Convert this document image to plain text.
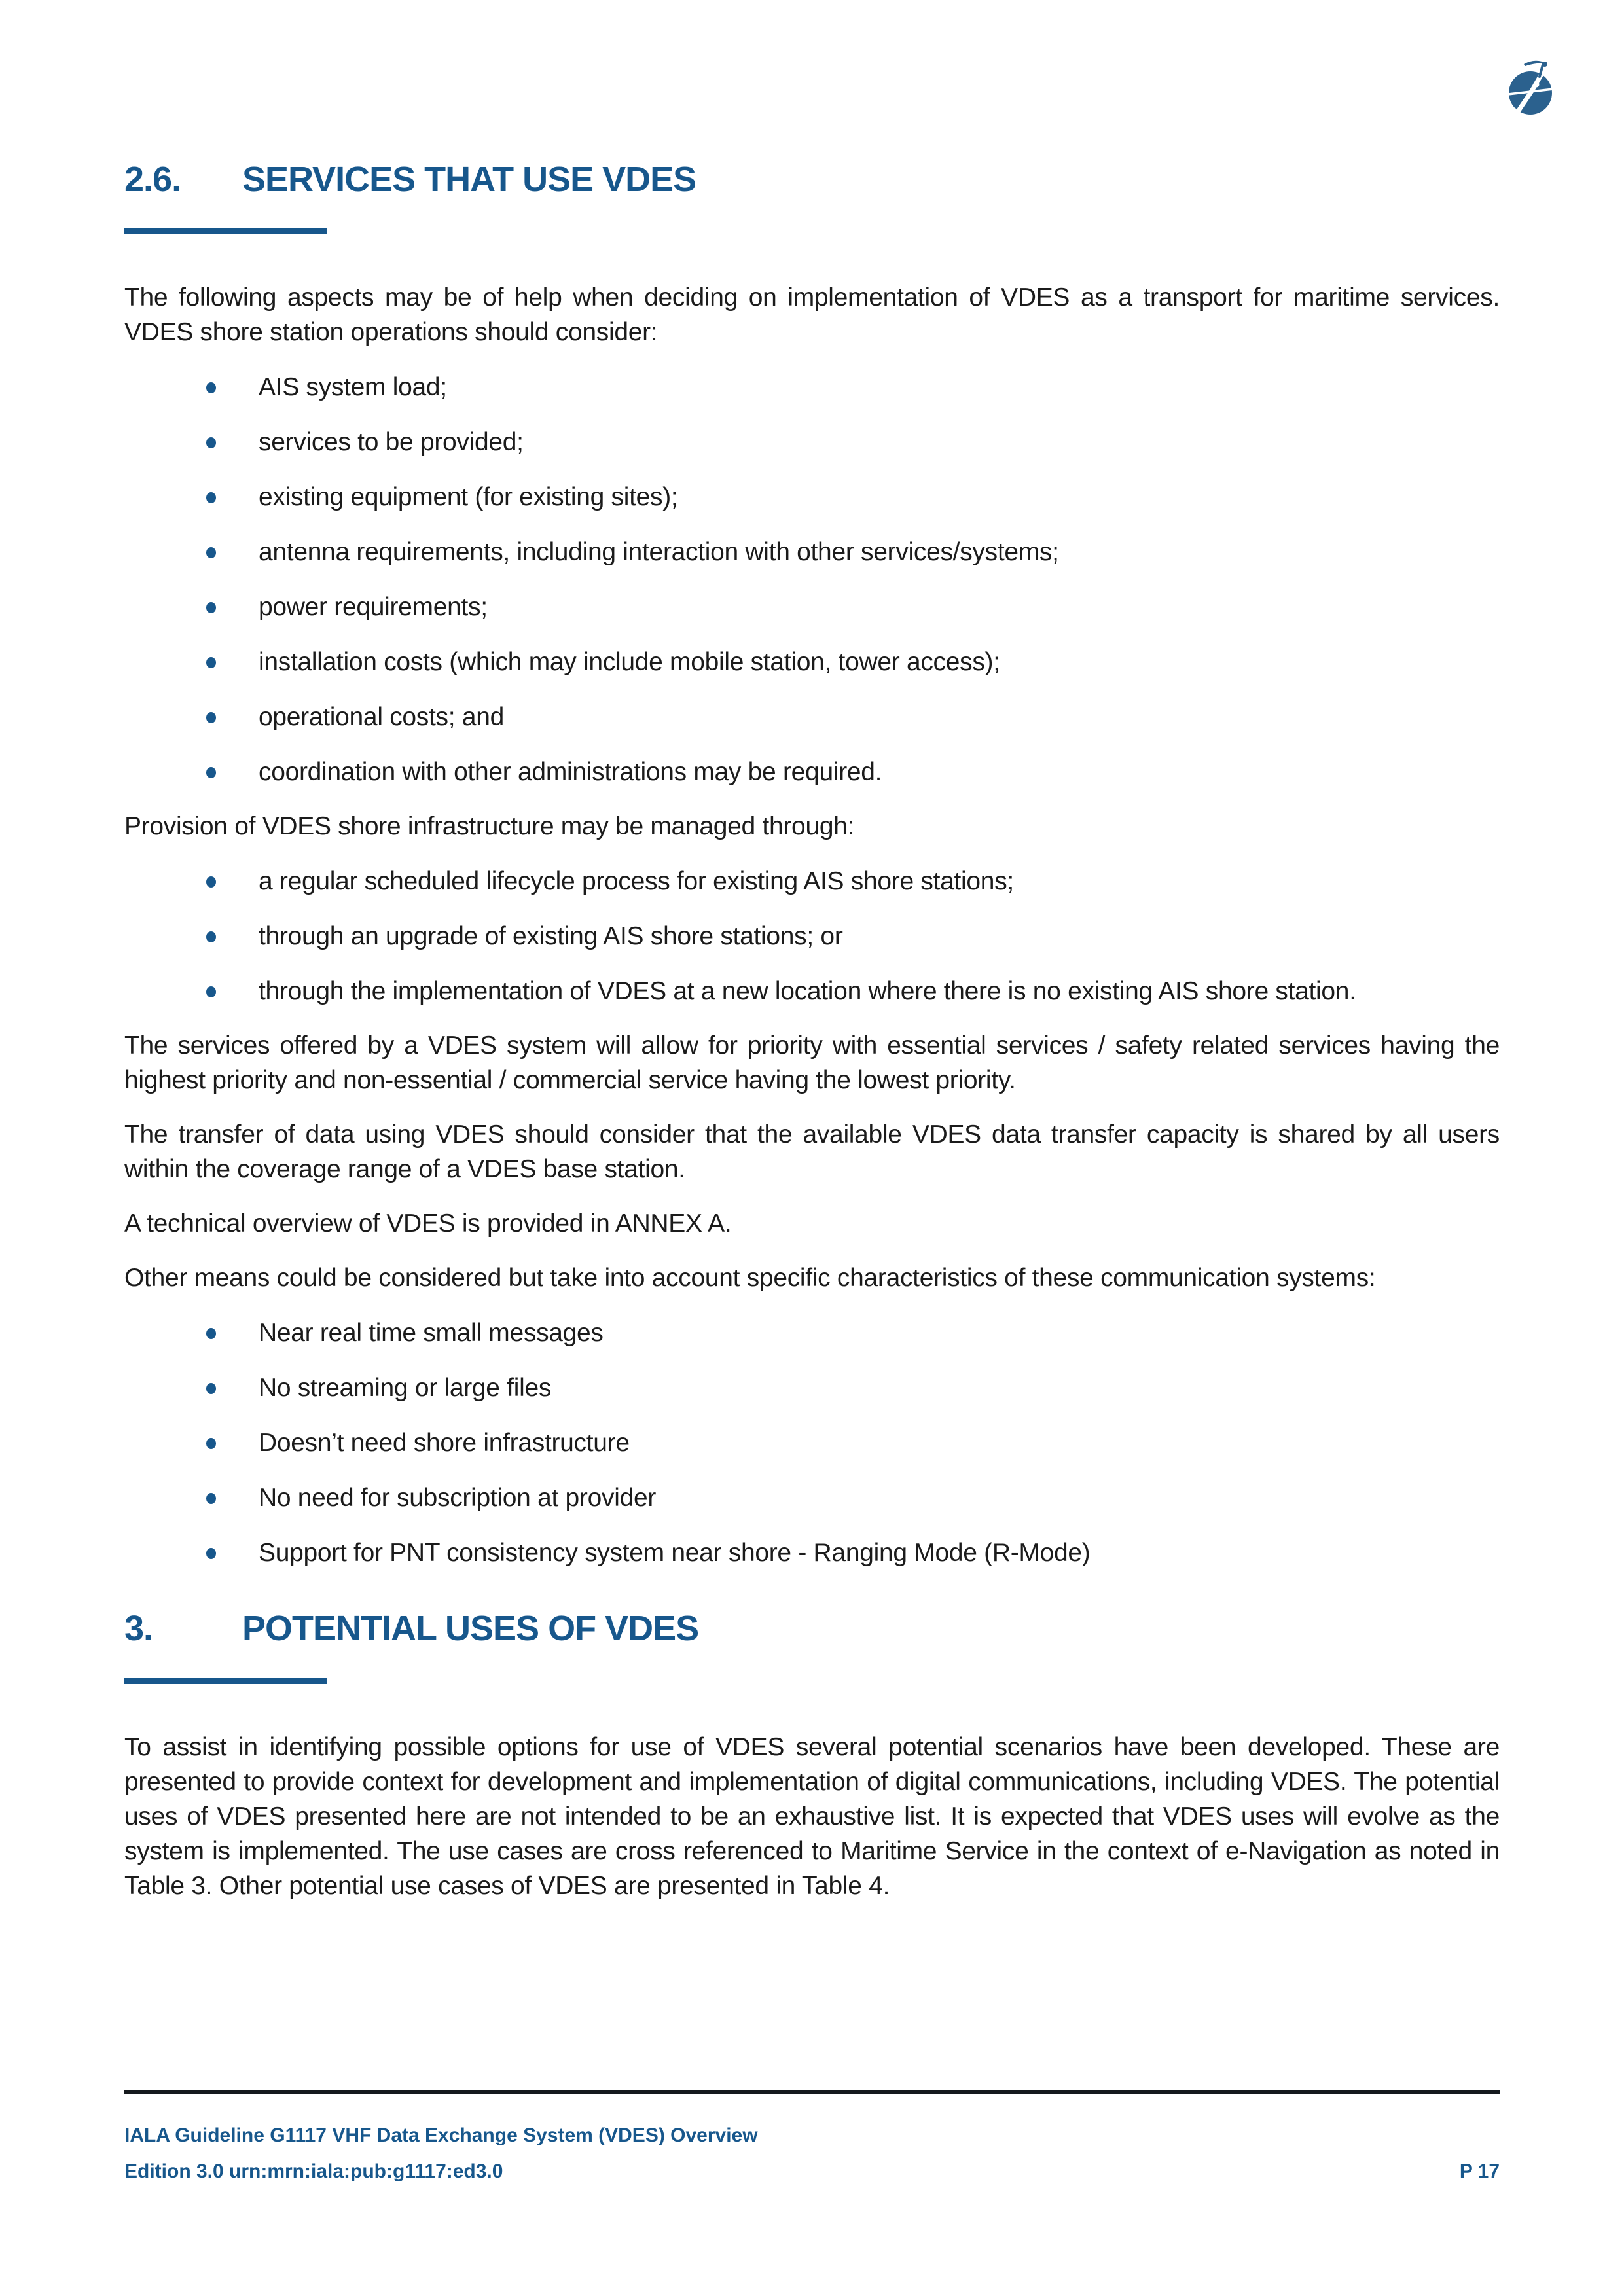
2.6.	SERVICES THAT USE VDES

The following aspects may be of help when deciding on implementation of VDES as a transport for maritime services. VDES shore station operations should consider:

AIS system load;
services to be provided;
existing equipment (for existing sites);
antenna requirements, including interaction with other services/systems;
power requirements;
installation costs (which may include mobile station, tower access);
operational costs; and
coordination with other administrations may be required.

Provision of VDES shore infrastructure may be managed through:

a regular scheduled lifecycle process for existing AIS shore stations;
through an upgrade of existing AIS shore stations; or
through the implementation of VDES at a new location where there is no existing AIS shore station.

The services offered by a VDES system will allow for priority with essential services / safety related services having the highest priority and non-essential / commercial service having the lowest priority.

The transfer of data using VDES should consider that the available VDES data transfer capacity is shared by all users within the coverage range of a VDES base station.

A technical overview of VDES is provided in ANNEX A.

Other means could be considered but take into account specific characteristics of these communication systems:

Near real time small messages
No streaming or large files
Doesn’t need shore infrastructure
No need for subscription at provider
Support for PNT consistency system near shore - Ranging Mode (R-Mode)
3.	POTENTIAL USES OF VDES

To assist in identifying possible options for use of VDES several potential scenarios have been developed. These are presented to provide context for development and implementation of digital communications, including VDES. The potential uses of VDES presented here are not intended to be an exhaustive list. It is expected that VDES uses will evolve as the system is implemented. The use cases are cross referenced to Maritime Service in the context of e-Navigation as noted in Table 3. Other potential use cases of VDES are presented in Table 4.

IALA Guideline G1117 VHF Data Exchange System (VDES) Overview
Edition 3.0 urn:mrn:iala:pub:g1117:ed3.0	P 17
